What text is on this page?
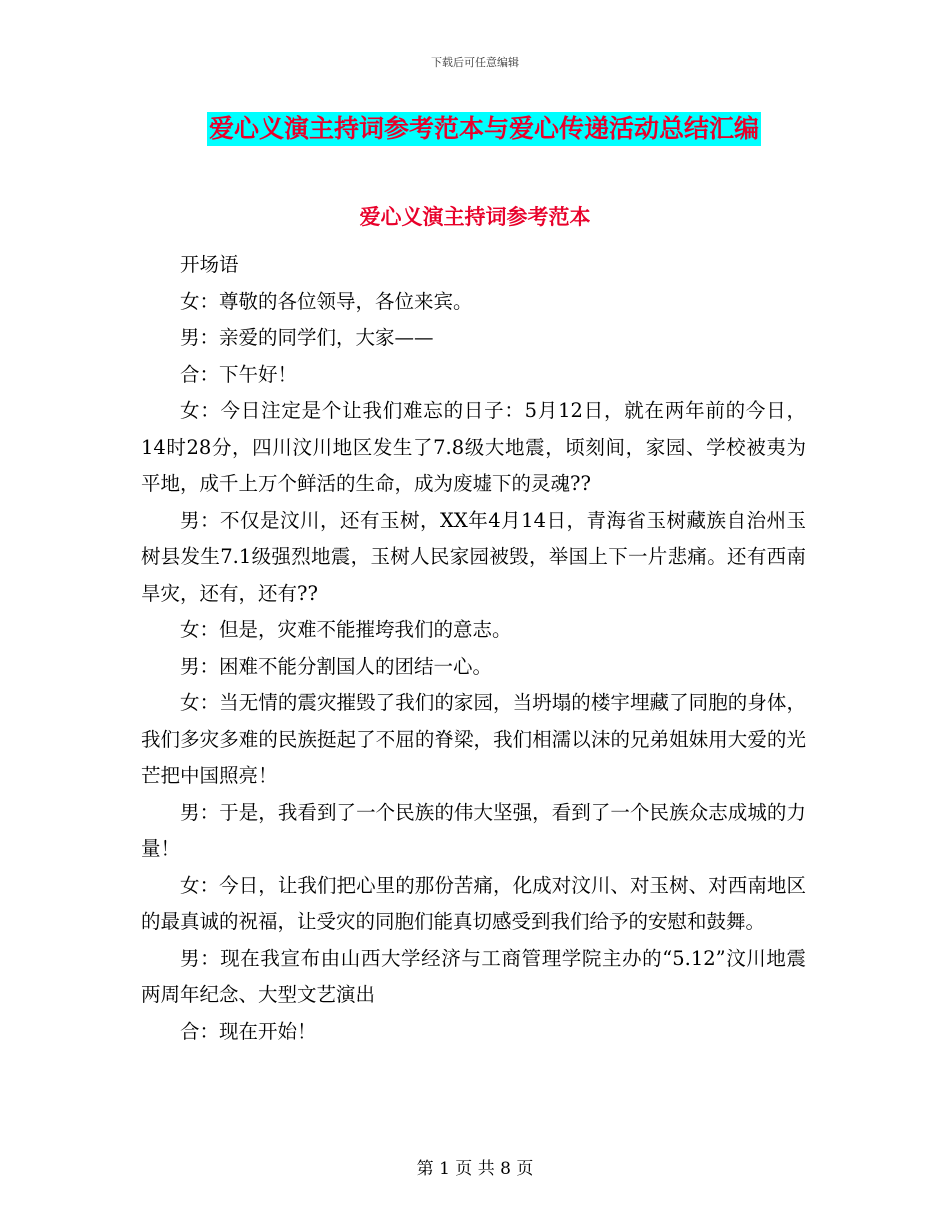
下载后可任意编辑
爱心义演主持词参考范本与爱心传递活动总结汇编
爱心义演主持词参考范本

开场语

女：尊敬的各位领导，各位来宾。

男：亲爱的同学们，大家——

合：下午好！

女：今日注定是个让我们难忘的日子：5月12日，就在两年前的今日， 14时28分，四川汶川地区发生了7.8级大地震，顷刻间，家园、学校被夷为平地，成千上万个鲜活的生命，成为废墟下的灵魂??

男：不仅是汶川，还有玉树，XX年4月14日，青海省玉树藏族自治州玉树县发生7.1级强烈地震，玉树人民家园被毁，举国上下一片悲痛。还有西南旱灾，还有，还有??

女：但是，灾难不能摧垮我们的意志。

男：困难不能分割国人的团结一心。

女：当无情的震灾摧毁了我们的家园，当坍塌的楼宇埋藏了同胞的身体，我们多灾多难的民族挺起了不屈的脊梁，我们相濡以沫的兄弟姐妹用大爱的光芒把中国照亮！

男：于是，我看到了一个民族的伟大坚强，看到了一个民族众志成城的力量！

女：今日，让我们把心里的那份苦痛，化成对汶川、对玉树、对西南地区的最真诚的祝福，让受灾的同胞们能真切感受到我们给予的安慰和鼓舞。

男：现在我宣布由山西大学经济与工商管理学院主办的“5.12”汶川地震两周年纪念、大型文艺演出

合：现在开始！

第 1 页 共 8 页
